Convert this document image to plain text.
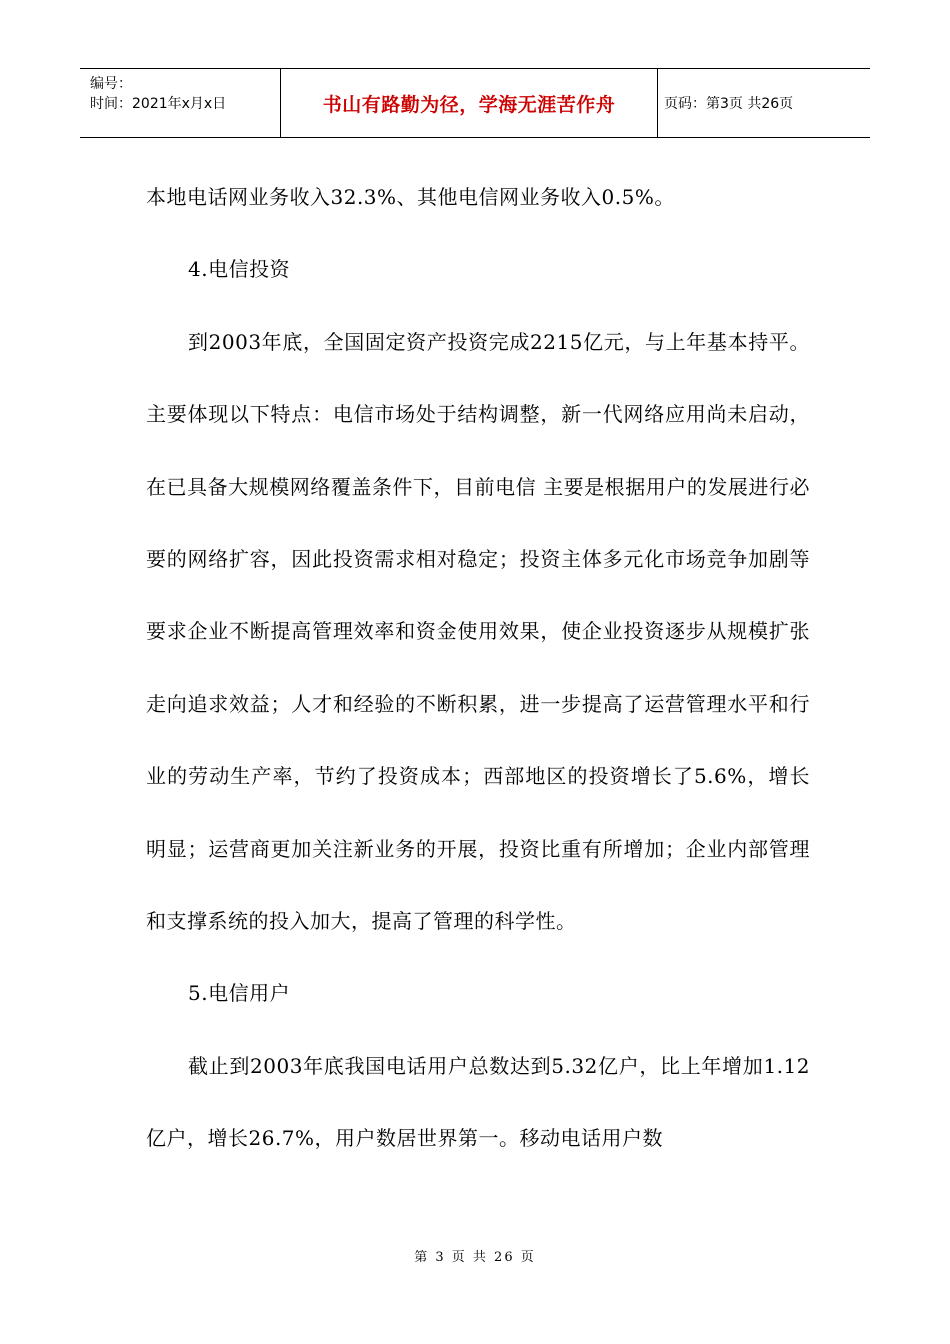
编号：
时间：2021年x月x日	书山有路勤为径，学海无涯苦作舟	页码：第3页 共26页

本地电话网业务收入32.3%、其他电信网业务收入0.5%。

4.电信投资

到2003年底，全国固定资产投资完成2215亿元，与上年基本持平。主要体现以下特点：电信市场处于结构调整，新一代网络应用尚未启动，在已具备大规模网络覆盖条件下，目前电信 主要是根据用户的发展进行必要的网络扩容，因此投资需求相对稳定；投资主体多元化市场竞争加剧等要求企业不断提高管理效率和资金使用效果，使企业投资逐步从规模扩张走向追求效益；人才和经验的不断积累，进一步提高了运营管理水平和行业的劳动生产率，节约了投资成本；西部地区的投资增长了5.6%，增长明显；运营商更加关注新业务的开展，投资比重有所增加；企业内部管理和支撑系统的投入加大，提高了管理的科学性。

5.电信用户

截止到2003年底我国电话用户总数达到5.32亿户，比上年增加1.12亿户，增长26.7%，用户数居世界第一。移动电话用户数

第 3 页 共 26 页
